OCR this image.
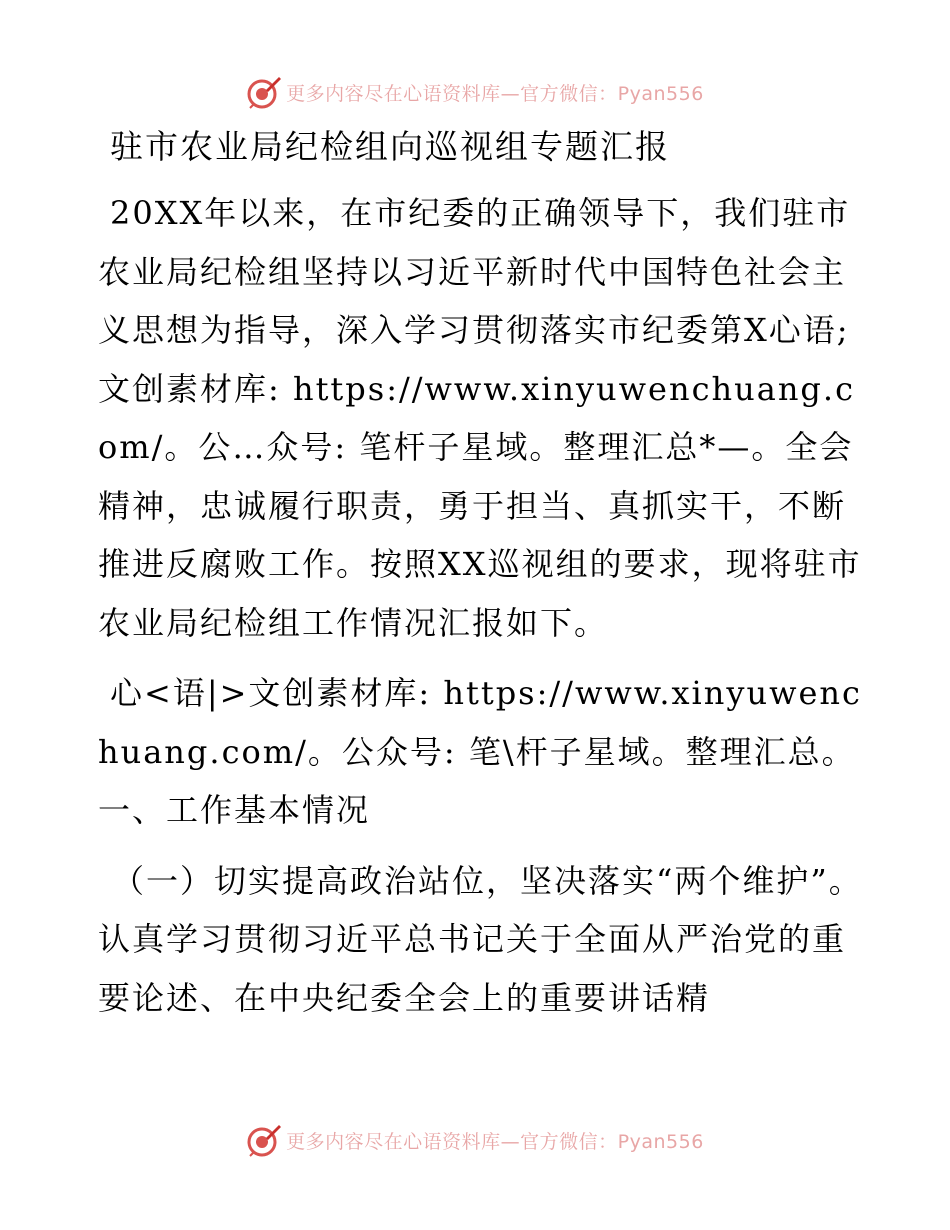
更多内容尽在心语资料库—官方微信：Pyan556
驻市农业局纪检组向巡视组专题汇报

20XX年以来，在市纪委的正确领导下，我们驻市农业局纪检组坚持以习近平新时代中国特色社会主义思想为指导，深入学习贯彻落实市纪委第X心语;文创素材库: https://www.xinyuwenchuang.com/。公…众号: 笔杆子星域。整理汇总*—。全会精神，忠诚履行职责，勇于担当、真抓实干，不断推进反腐败工作。按照XX巡视组的要求，现将驻市农业局纪检组工作情况汇报如下。

心<语|>文创素材库: https://www.xinyuwenchuang.com/。公众号: 笔\杆子星域。整理汇总。一、工作基本情况

（一）切实提高政治站位，坚决落实“两个维护”。认真学习贯彻习近平总书记关于全面从严治党的重要论述、在中央纪委全会上的重要讲话精

更多内容尽在心语资料库—官方微信：Pyan556
